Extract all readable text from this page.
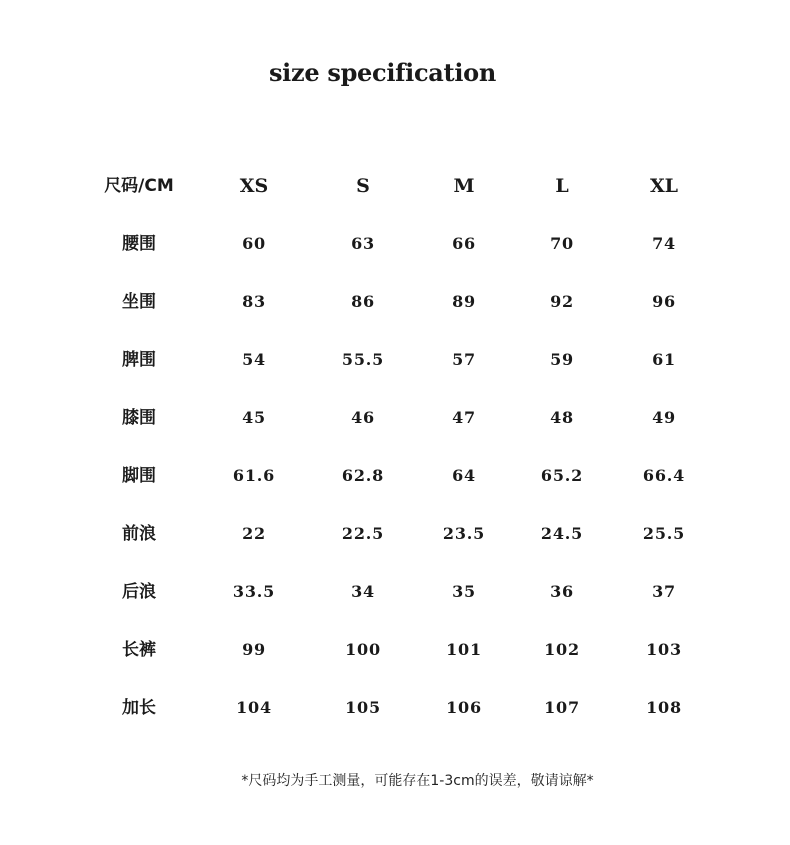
size specification
尺码/CM	XS	S	M	L	XL
腰围	60	63	66	70	74
坐围	83	86	89	92	96
脾围	54	55.5	57	59	61
膝围	45	46	47	48	49
脚围	61.6	62.8	64	65.2	66.4
前浪	22	22.5	23.5	24.5	25.5
后浪	33.5	34	35	36	37
长裤	99	100	101	102	103
加长	104	105	106	107	108
*尺码均为手工测量，可能存在1-3cm的误差，敬请谅解*
